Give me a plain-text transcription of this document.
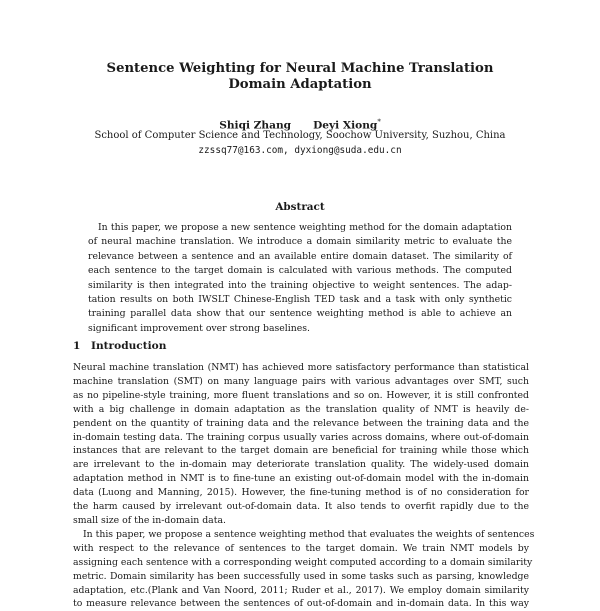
Sentence Weighting for Neural Machine Translation
Domain Adaptation
Shiqi Zhang Deyi Xiong*
School of Computer Science and Technology, Soochow University, Suzhou, China
zzssq77@163.com, dyxiong@suda.edu.cn
Abstract
In this paper, we propose a new sentence weighting method for the domain adaptation
of neural machine translation. We introduce a domain similarity metric to evaluate the
relevance between a sentence and an available entire domain dataset. The similarity of
each sentence to the target domain is calculated with various methods. The computed
similarity is then integrated into the training objective to weight sentences. The adap-
tation results on both IWSLT Chinese-English TED task and a task with only synthetic
training parallel data show that our sentence weighting method is able to achieve an
significant improvement over strong baselines.
1 Introduction
Neural machine translation (NMT) has achieved more satisfactory performance than statistical
machine translation (SMT) on many language pairs with various advantages over SMT, such
as no pipeline-style training, more fluent translations and so on. However, it is still confronted
with a big challenge in domain adaptation as the translation quality of NMT is heavily de-
pendent on the quantity of training data and the relevance between the training data and the
in-domain testing data. The training corpus usually varies across domains, where out-of-domain
instances that are relevant to the target domain are beneficial for training while those which
are irrelevant to the in-domain may deteriorate translation quality. The widely-used domain
adaptation method in NMT is to fine-tune an existing out-of-domain model with the in-domain
data (Luong and Manning, 2015). However, the fine-tuning method is of no consideration for
the harm caused by irrelevant out-of-domain data. It also tends to overfit rapidly due to the
small size of the in-domain data.
In this paper, we propose a sentence weighting method that evaluates the weights of sentences
with respect to the relevance of sentences to the target domain. We train NMT models by
assigning each sentence with a corresponding weight computed according to a domain similarity
metric. Domain similarity has been successfully used in some tasks such as parsing, knowledge
adaptation, etc.(Plank and Van Noord, 2011; Ruder et al., 2017). We employ domain similarity
to measure relevance between the sentences of out-of-domain and in-domain data. In this way
